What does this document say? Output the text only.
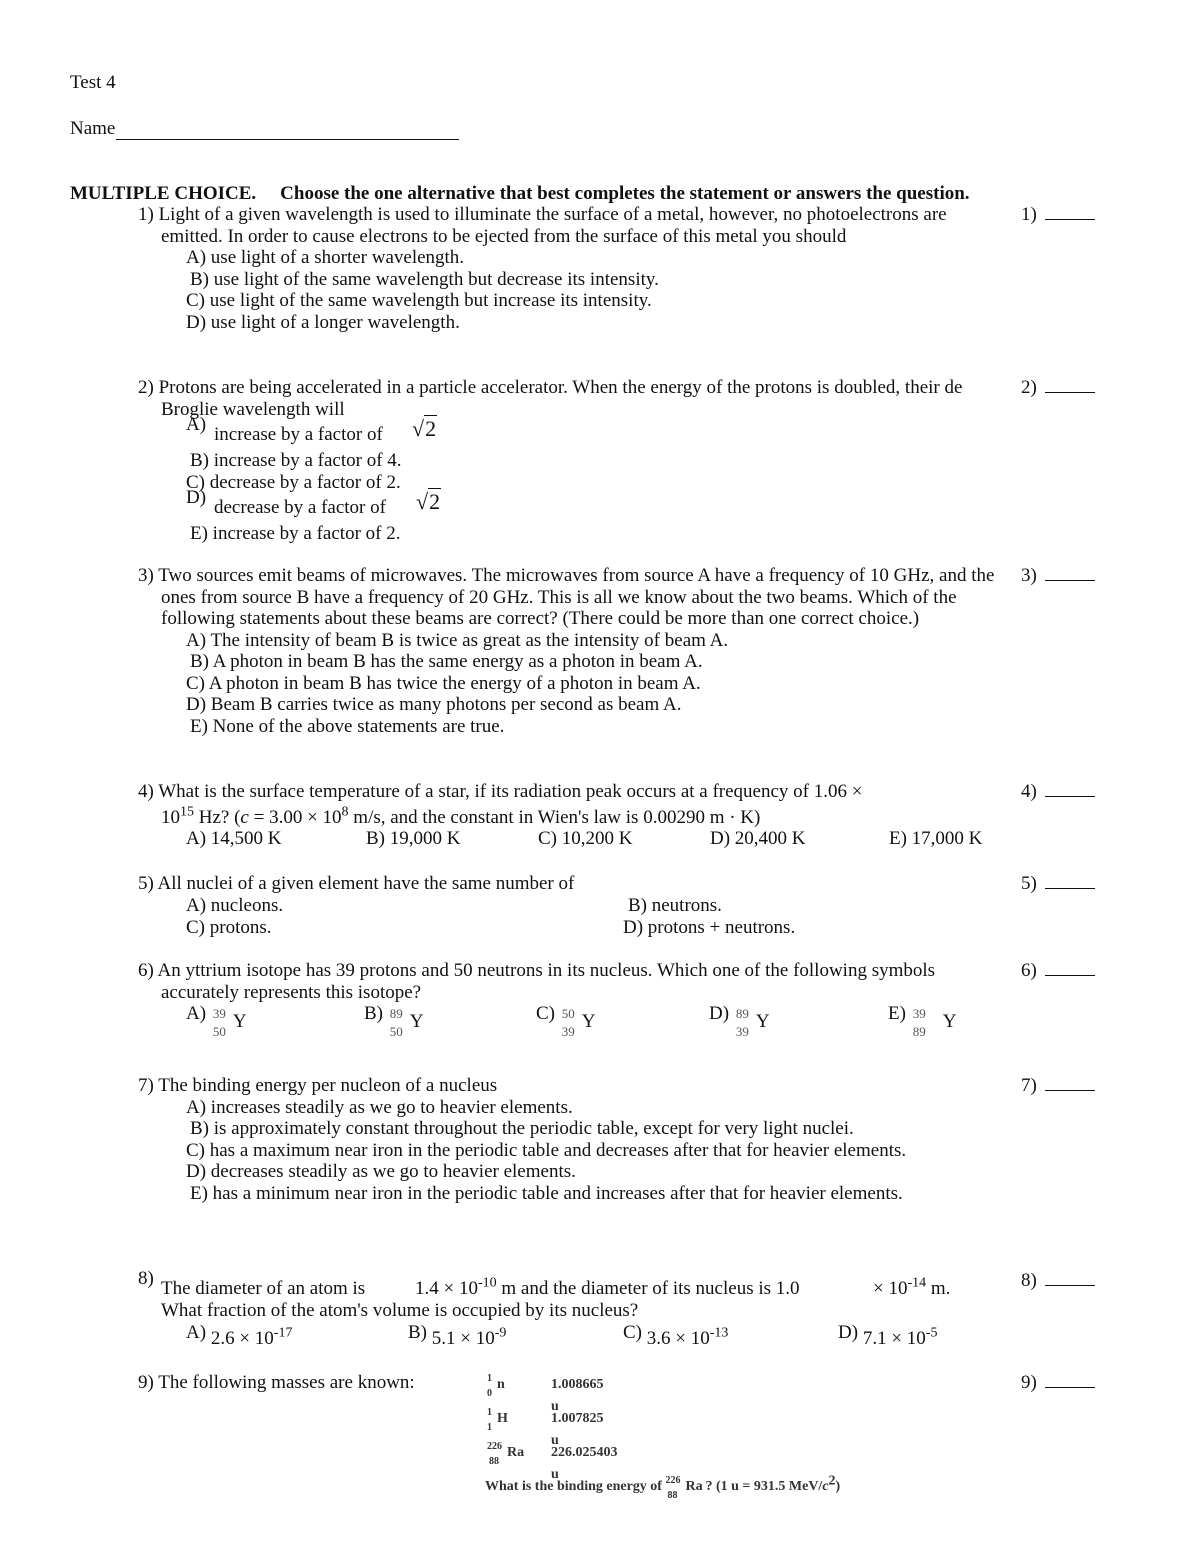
Test 4
Name
MULTIPLE CHOICE. Choose the one alternative that best completes the statement or answers the question.
1) Light of a given wavelength is used to illuminate the surface of a metal, however, no photoelectrons are emitted. In order to cause electrons to be ejected from the surface of this metal you should
A) use light of a shorter wavelength.
B) use light of the same wavelength but decrease its intensity.
C) use light of the same wavelength but increase its intensity.
D) use light of a longer wavelength.
1)
2) Protons are being accelerated in a particle accelerator. When the energy of the protons is doubled, their de Broglie wavelength will
A) increase by a factor of √2
B) increase by a factor of 4.
C) decrease by a factor of 2.
D) decrease by a factor of √2
E) increase by a factor of 2.
2)
3) Two sources emit beams of microwaves. The microwaves from source A have a frequency of 10 GHz, and the ones from source B have a frequency of 20 GHz. This is all we know about the two beams. Which of the following statements about these beams are correct? (There could be more than one correct choice.)
A) The intensity of beam B is twice as great as the intensity of beam A.
B) A photon in beam B has the same energy as a photon in beam A.
C) A photon in beam B has twice the energy of a photon in beam A.
D) Beam B carries twice as many photons per second as beam A.
E) None of the above statements are true.
3)
4) What is the surface temperature of a star, if its radiation peak occurs at a frequency of 1.06 ×
$10^{15}$ Hz? ($c = 3.00 \times 10^8$ m/s, and the constant in Wien's law is 0.00290 m · K)
A) 14,500 K	B) 19,000 K	C) 10,200 K	D) 20,400 K	E) 17,000 K
4)
5) All nuclei of a given element have the same number of
A) nucleons.	B) neutrons.
C) protons.	D) protons + neutrons.
5)
6) An yttrium isotope has 39 protons and 50 neutrons in its nucleus. Which one of the following symbols accurately represents this isotope?
A) 39
50 Y	B) 89
50 Y	C) 50
39 Y	D) 89
39 Y	E) 39
89 Y
6)
7) The binding energy per nucleon of a nucleus
A) increases steadily as we go to heavier elements.
B) is approximately constant throughout the periodic table, except for very light nuclei.
C) has a maximum near iron in the periodic table and decreases after that for heavier elements.
D) decreases steadily as we go to heavier elements.
E) has a minimum near iron in the periodic table and increases after that for heavier elements.
7)
8) The diameter of an atom is	$1.4 \times 10^{-10}$ m and the diameter of its nucleus is 1.0	× $10^{-14}$ m.
What fraction of the atom's volume is occupied by its nucleus?
A) $2.6 \times 10^{-17}$	B) $5.1 \times 10^{-9}$	C) $3.6 \times 10^{-13}$	D) $7.1 \times 10^{-5}$
8)
9) The following masses are known:	1
0
n	1.008665 u
1
1
H	1.007825 u
226
88
Ra 226.025403 u
What is the binding energy of 226
88
Ra ? (1 u = 931.5 MeV/$c^2$)
9)
